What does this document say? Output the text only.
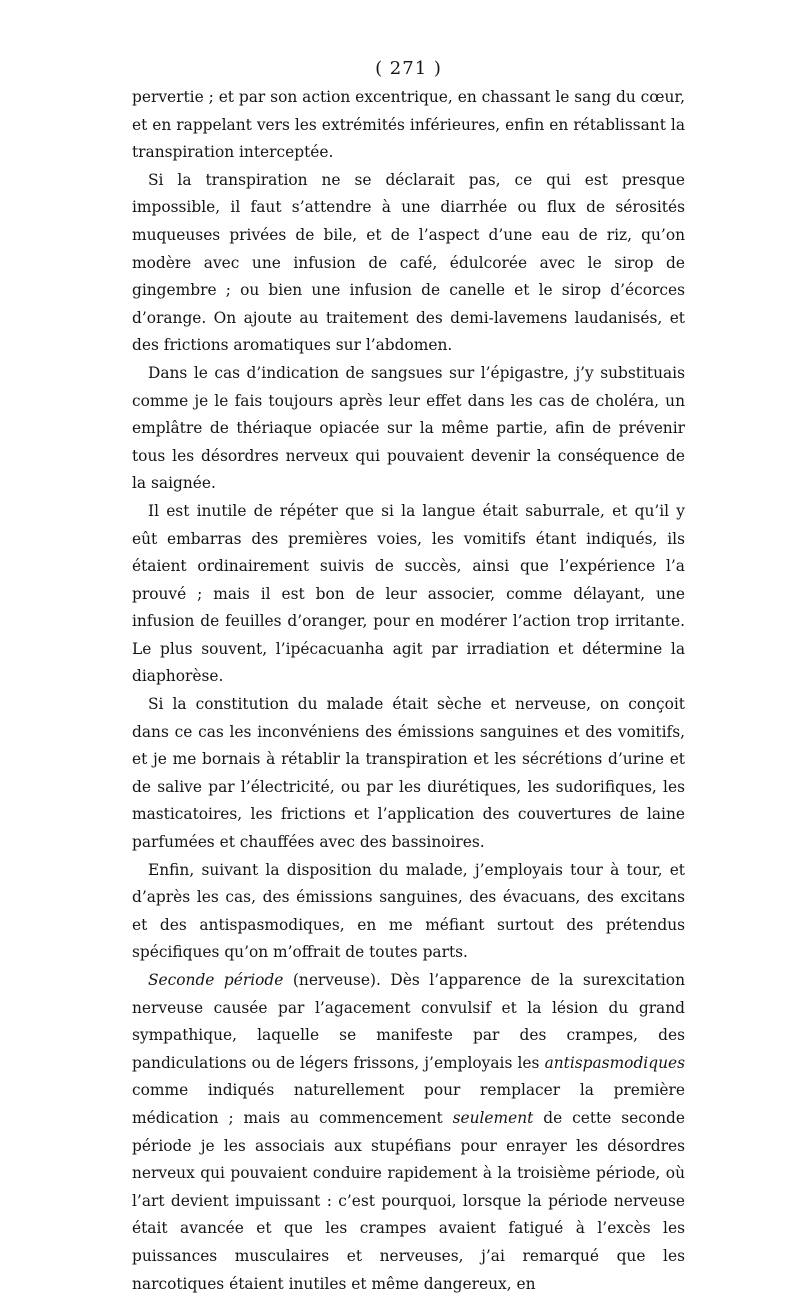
( 271 )

pervertie ; et par son action excentrique, en chassant le sang du cœur, et en rappelant vers les extrémités inférieures, enfin en rétablissant la transpiration interceptée.

Si la transpiration ne se déclarait pas, ce qui est presque impossible, il faut s’attendre à une diarrhée ou flux de sérosités muqueuses privées de bile, et de l’aspect d’une eau de riz, qu’on modère avec une infusion de café, édulcorée avec le sirop de gingembre ; ou bien une infusion de canelle et le sirop d’écorces d’orange. On ajoute au traitement des demi-lavemens laudanisés, et des frictions aromatiques sur l’abdomen.

Dans le cas d’indication de sangsues sur l’épigastre, j’y substituais comme je le fais toujours après leur effet dans les cas de choléra, un emplâtre de thériaque opiacée sur la même partie, afin de prévenir tous les désordres nerveux qui pouvaient devenir la conséquence de la saignée.

Il est inutile de répéter que si la langue était saburrale, et qu’il y eût embarras des premières voies, les vomitifs étant indiqués, ils étaient ordinairement suivis de succès, ainsi que l’expérience l’a prouvé ; mais il est bon de leur associer, comme délayant, une infusion de feuilles d’oranger, pour en modérer l’action trop irritante. Le plus souvent, l’ipécacuanha agit par irradiation et détermine la diaphorèse.

Si la constitution du malade était sèche et nerveuse, on conçoit dans ce cas les inconvéniens des émissions sanguines et des vomitifs, et je me bornais à rétablir la transpiration et les sécrétions d’urine et de salive par l’électricité, ou par les diurétiques, les sudorifiques, les masticatoires, les frictions et l’application des couvertures de laine parfumées et chauffées avec des bassinoires.

Enfin, suivant la disposition du malade, j’employais tour à tour, et d’après les cas, des émissions sanguines, des évacuans, des excitans et des antispasmodiques, en me méfiant surtout des prétendus spécifiques qu’on m’offrait de toutes parts.

Seconde période (nerveuse). Dès l’apparence de la surexcitation nerveuse causée par l’agacement convulsif et la lésion du grand sympathique, laquelle se manifeste par des crampes, des pandiculations ou de légers frissons, j’employais les antispasmodiques comme indiqués naturellement pour remplacer la première médication ; mais au commencement seulement de cette seconde période je les associais aux stupéfians pour enrayer les désordres nerveux qui pouvaient conduire rapidement à la troisième période, où l’art devient impuissant : c’est pourquoi, lorsque la période nerveuse était avancée et que les crampes avaient fatigué à l’excès les puissances musculaires et nerveuses, j’ai remarqué que les narcotiques étaient inutiles et même dangereux, en
